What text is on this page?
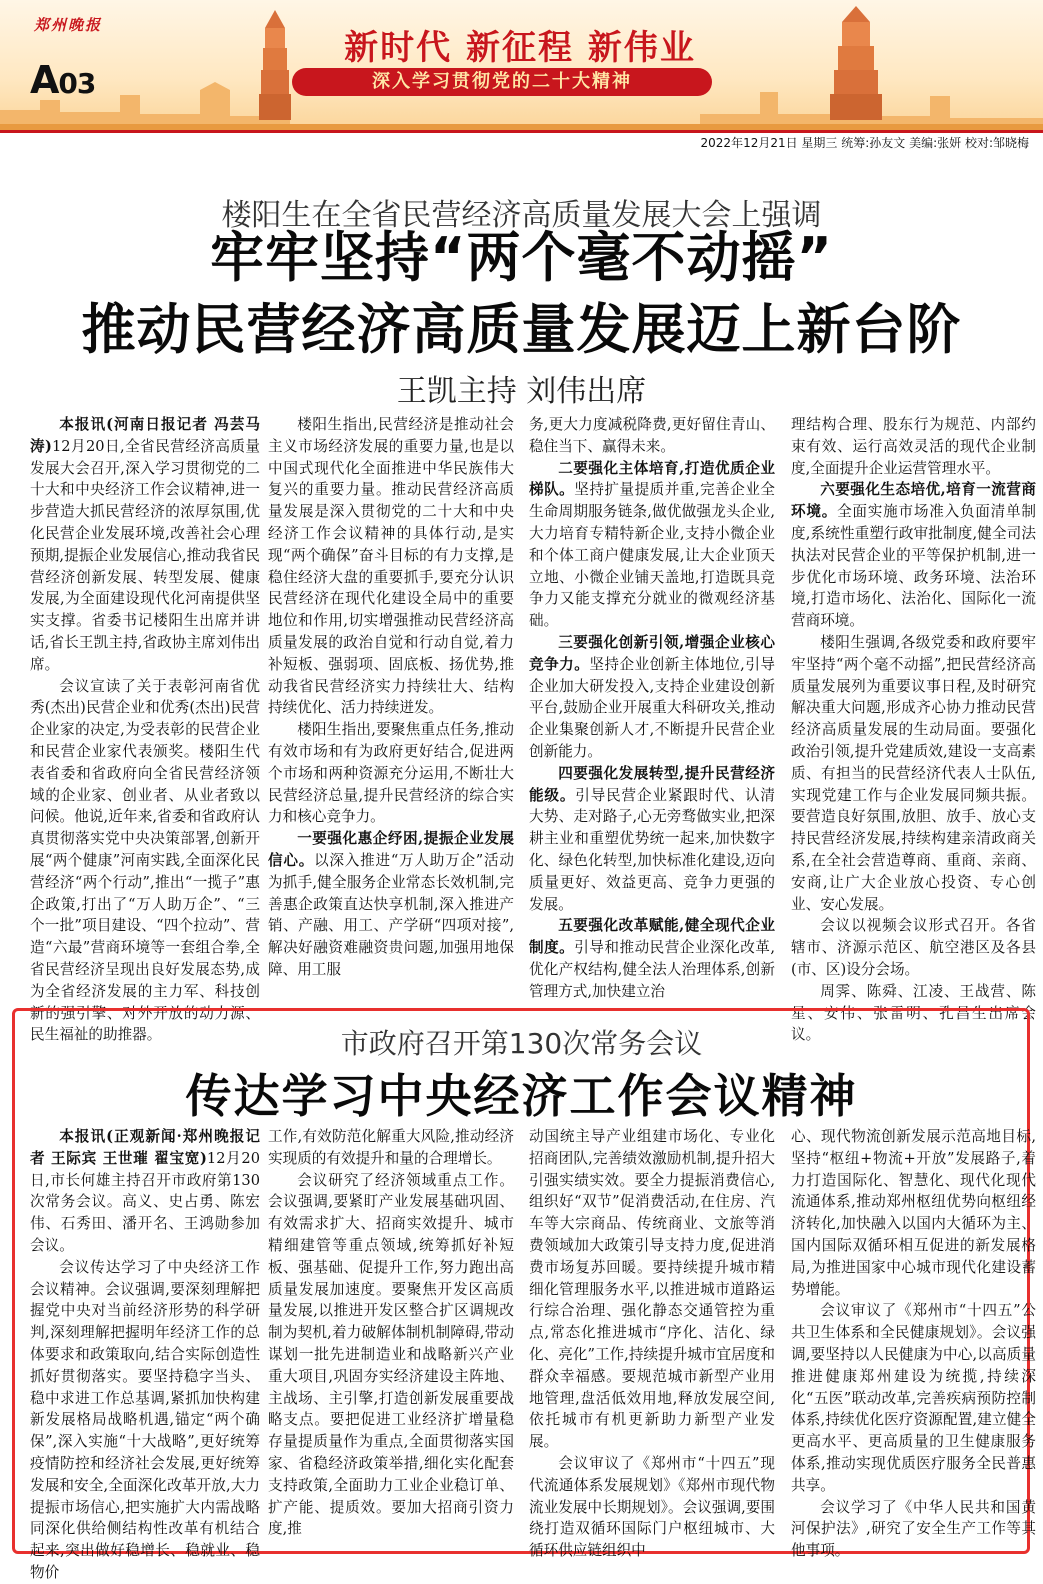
郑州晚报
A03
新时代 新征程 新伟业
深入学习贯彻党的二十大精神
2022年12月21日 星期三 统筹:孙友文 美编:张妍 校对:邹晓梅
楼阳生在全省民营经济高质量发展大会上强调
牢牢坚持“两个毫不动摇”
推动民营经济高质量发展迈上新台阶
王凯主持 刘伟出席

本报讯(河南日报记者 冯芸马涛)12月20日,全省民营经济高质量发展大会召开,深入学习贯彻党的二十大和中央经济工作会议精神,进一步营造大抓民营经济的浓厚氛围,优化民营企业发展环境,改善社会心理预期,提振企业发展信心,推动我省民营经济创新发展、转型发展、健康发展,为全面建设现代化河南提供坚实支撑。省委书记楼阳生出席并讲话,省长王凯主持,省政协主席刘伟出席。

会议宣读了关于表彰河南省优秀(杰出)民营企业和优秀(杰出)民营企业家的决定,为受表彰的民营企业和民营企业家代表颁奖。楼阳生代表省委和省政府向全省民营经济领域的企业家、创业者、从业者致以问候。他说,近年来,省委和省政府认真贯彻落实党中央决策部署,创新开展“两个健康”河南实践,全面深化民营经济“两个行动”,推出“一揽子”惠企政策,打出了“万人助万企”、“三个一批”项目建设、“四个拉动”、营造“六最”营商环境等一套组合拳,全省民营经济呈现出良好发展态势,成为全省经济发展的主力军、科技创新的强引擎、对外开放的动力源、民生福祉的助推器。

楼阳生指出,民营经济是推动社会主义市场经济发展的重要力量,也是以中国式现代化全面推进中华民族伟大复兴的重要力量。推动民营经济高质量发展是深入贯彻党的二十大和中央经济工作会议精神的具体行动,是实现“两个确保”奋斗目标的有力支撑,是稳住经济大盘的重要抓手,要充分认识民营经济在现代化建设全局中的重要地位和作用,切实增强推动民营经济高质量发展的政治自觉和行动自觉,着力补短板、强弱项、固底板、扬优势,推动我省民营经济实力持续壮大、结构持续优化、活力持续迸发。

楼阳生指出,要聚焦重点任务,推动有效市场和有为政府更好结合,促进两个市场和两种资源充分运用,不断壮大民营经济总量,提升民营经济的综合实力和核心竞争力。

一要强化惠企纾困,提振企业发展信心。以深入推进“万人助万企”活动为抓手,健全服务企业常态长效机制,完善惠企政策直达快享机制,深入推进产销、产融、用工、产学研“四项对接”,解决好融资难融资贵问题,加强用地保障、用工服

务,更大力度减税降费,更好留住青山、稳住当下、赢得未来。

二要强化主体培育,打造优质企业梯队。坚持扩量提质并重,完善企业全生命周期服务链条,做优做强龙头企业,大力培育专精特新企业,支持小微企业和个体工商户健康发展,让大企业顶天立地、小微企业铺天盖地,打造既具竞争力又能支撑充分就业的微观经济基础。

三要强化创新引领,增强企业核心竞争力。坚持企业创新主体地位,引导企业加大研发投入,支持企业建设创新平台,鼓励企业开展重大科研攻关,推动企业集聚创新人才,不断提升民营企业创新能力。

四要强化发展转型,提升民营经济能级。引导民营企业紧跟时代、认清大势、走对路子,心无旁骛做实业,把深耕主业和重塑优势统一起来,加快数字化、绿色化转型,加快标准化建设,迈向质量更好、效益更高、竞争力更强的发展。

五要强化改革赋能,健全现代企业制度。引导和推动民营企业深化改革,优化产权结构,健全法人治理体系,创新管理方式,加快建立治

理结构合理、股东行为规范、内部约束有效、运行高效灵活的现代企业制度,全面提升企业运营管理水平。

六要强化生态培优,培育一流营商环境。全面实施市场准入负面清单制度,系统性重塑行政审批制度,健全司法执法对民营企业的平等保护机制,进一步优化市场环境、政务环境、法治环境,打造市场化、法治化、国际化一流营商环境。

楼阳生强调,各级党委和政府要牢牢坚持“两个毫不动摇”,把民营经济高质量发展列为重要议事日程,及时研究解决重大问题,形成齐心协力推动民营经济高质量发展的生动局面。要强化政治引领,提升党建质效,建设一支高素质、有担当的民营经济代表人士队伍,实现党建工作与企业发展同频共振。要营造良好氛围,放胆、放手、放心支持民营经济发展,持续构建亲清政商关系,在全社会营造尊商、重商、亲商、安商,让广大企业放心投资、专心创业、安心发展。

会议以视频会议形式召开。各省辖市、济源示范区、航空港区及各县(市、区)设分会场。

周霁、陈舜、江凌、王战营、陈星、安伟、张雷明、孔昌生出席会议。

市政府召开第130次常务会议
传达学习中央经济工作会议精神

本报讯(正观新闻·郑州晚报记者 王际宾 王世璀 翟宝宽)12月20日,市长何雄主持召开市政府第130次常务会议。高义、史占勇、陈宏伟、石秀田、潘开名、王鸿勋参加会议。

会议传达学习了中央经济工作会议精神。会议强调,要深刻理解把握党中央对当前经济形势的科学研判,深刻理解把握明年经济工作的总体要求和政策取向,结合实际创造性抓好贯彻落实。要坚持稳字当头、稳中求进工作总基调,紧抓加快构建新发展格局战略机遇,锚定“两个确保”,深入实施“十大战略”,更好统筹疫情防控和经济社会发展,更好统筹发展和安全,全面深化改革开放,大力提振市场信心,把实施扩大内需战略同深化供给侧结构性改革有机结合起来,突出做好稳增长、稳就业、稳物价

工作,有效防范化解重大风险,推动经济实现质的有效提升和量的合理增长。

会议研究了经济领域重点工作。会议强调,要紧盯产业发展基础巩固、有效需求扩大、招商实效提升、城市精细建管等重点领域,统筹抓好补短板、强基础、促提升工作,努力跑出高质量发展加速度。要聚焦开发区高质量发展,以推进开发区整合扩区调规改制为契机,着力破解体制机制障碍,带动谋划一批先进制造业和战略新兴产业重大项目,巩固夯实经济建设主阵地、主战场、主引擎,打造创新发展重要战略支点。要把促进工业经济扩增量稳存量提质量作为重点,全面贯彻落实国家、省稳经济政策举措,细化实化配套支持政策,全面助力工业企业稳订单、扩产能、提质效。要加大招商引资力度,推

动国统主导产业组建市场化、专业化招商团队,完善绩效激励机制,提升招大引强实绩实效。要全力提振消费信心,组织好“双节”促消费活动,在住房、汽车等大宗商品、传统商业、文旅等消费领域加大政策引导支持力度,促进消费市场复苏回暖。要持续提升城市精细化管理服务水平,以推进城市道路运行综合治理、强化静态交通管控为重点,常态化推进城市“序化、洁化、绿化、亮化”工作,持续提升城市宜居度和群众幸福感。要规范城市新型产业用地管理,盘活低效用地,释放发展空间,依托城市有机更新助力新型产业发展。

会议审议了《郑州市“十四五”现代流通体系发展规划》《郑州市现代物流业发展中长期规划》。会议强调,要围绕打造双循环国际门户枢纽城市、大循环供应链组织中

心、现代物流创新发展示范高地目标,坚持“枢纽+物流+开放”发展路子,着力打造国际化、智慧化、现代化现代流通体系,推动郑州枢纽优势向枢纽经济转化,加快融入以国内大循环为主、国内国际双循环相互促进的新发展格局,为推进国家中心城市现代化建设蓄势增能。

会议审议了《郑州市“十四五”公共卫生体系和全民健康规划》。会议强调,要坚持以人民健康为中心,以高质量推进健康郑州建设为统揽,持续深化“五医”联动改革,完善疾病预防控制体系,持续优化医疗资源配置,建立健全更高水平、更高质量的卫生健康服务体系,推动实现优质医疗服务全民普惠共享。

会议学习了《中华人民共和国黄河保护法》,研究了安全生产工作等其他事项。
